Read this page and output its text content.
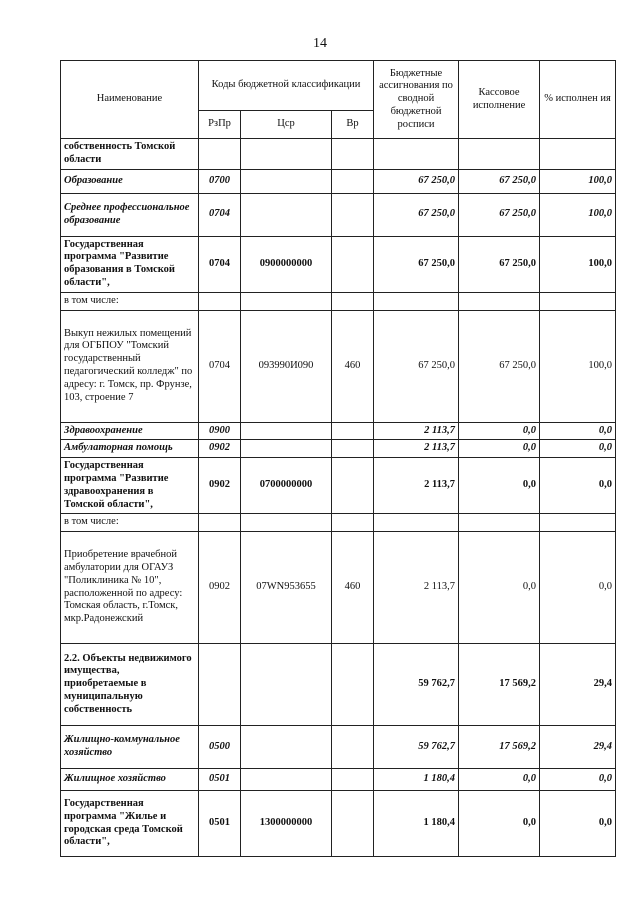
14
Наименование	Коды бюджетной классификации			Бюджетные ассигнования по сводной бюджетной росписи	Кассовое исполнение	% исполнен ия
	РзПр	Цср	Вр			
собственность Томской области						
Образование	0700			67 250,0	67 250,0	100,0
Среднее профессиональное образование	0704			67 250,0	67 250,0	100,0
Государственная программа "Развитие образования в Томской области",	0704	0900000000		67 250,0	67 250,0	100,0
в том числе:						
Выкуп нежилых помещений для ОГБПОУ "Томский государственный педагогический колледж" по адресу: г. Томск, пр. Фрунзе, 103, строение 7	0704	093990И090	460	67 250,0	67 250,0	100,0
Здравоохранение	0900			2 113,7	0,0	0,0
Амбулаторная помощь	0902			2 113,7	0,0	0,0
Государственная программа "Развитие здравоохранения в Томской области",	0902	0700000000		2 113,7	0,0	0,0
в том числе:						
Приобретение врачебной амбулатории для ОГАУЗ "Поликлиника № 10", расположенной по адресу: Томская область, г.Томск, мкр.Радонежский	0902	07WN953655	460	2 113,7	0,0	0,0
2.2. Объекты недвижимого имущества, приобретаемые в муниципальную собственность				59 762,7	17 569,2	29,4
Жилищно-коммунальное хозяйство	0500			59 762,7	17 569,2	29,4
Жилищное хозяйство	0501			1 180,4	0,0	0,0
Государственная программа "Жилье и городская среда Томской области",	0501	1300000000		1 180,4	0,0	0,0
